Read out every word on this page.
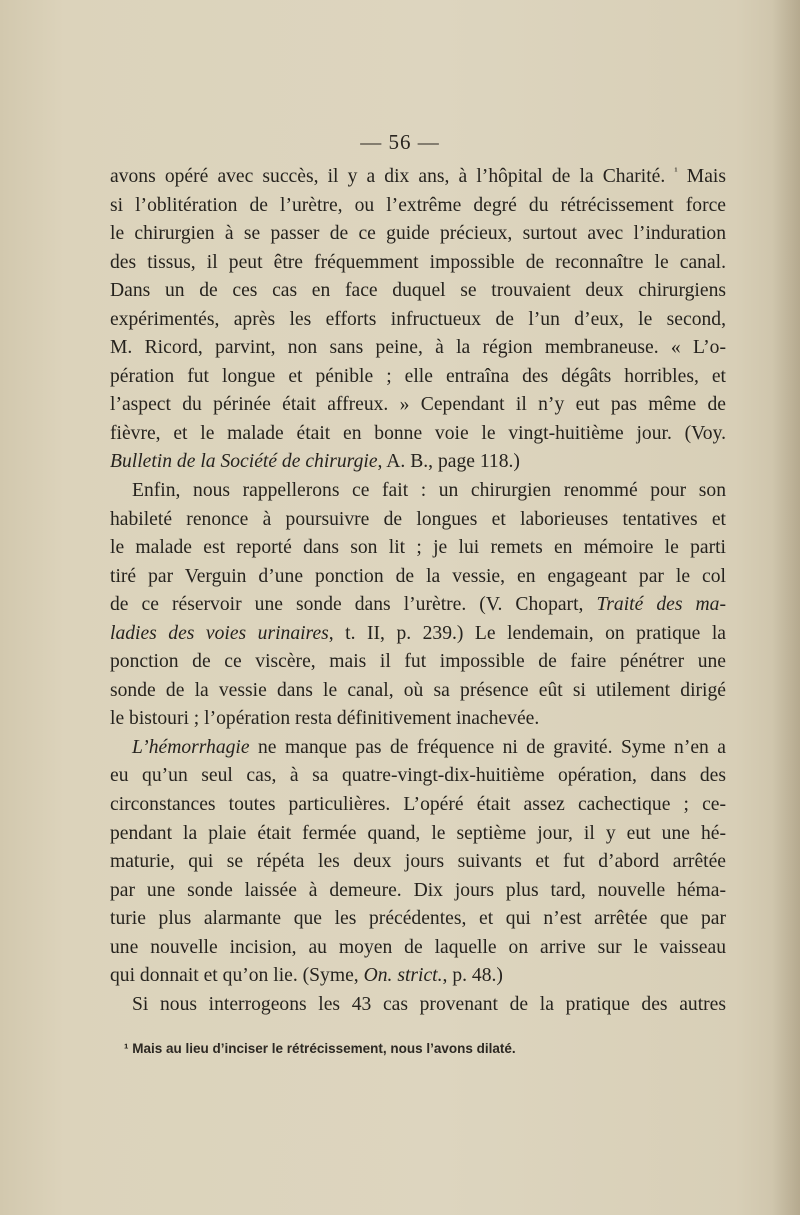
— 56 —
avons opéré avec succès, il y a dix ans, à l’hôpital de la Charité. $^{^1}$ Mais
si l’oblitération de l’urètre, ou l’extrême degré du rétrécissement force
le chirurgien à se passer de ce guide précieux, surtout avec l’induration
des tissus, il peut être fréquemment impossible de reconnaître le canal.
Dans un de ces cas en face duquel se trouvaient deux chirurgiens
expérimentés, après les efforts infructueux de l’un d’eux, le second,
M. Ricord, parvint, non sans peine, à la région membraneuse. « L’o-
pération fut longue et pénible ; elle entraîna des dégâts horribles, et
l’aspect du périnée était affreux. » Cependant il n’y eut pas même de
fièvre, et le malade était en bonne voie le vingt-huitième jour. (Voy.
Bulletin de la Société de chirurgie, A. B., page 118.)
Enfin, nous rappellerons ce fait : un chirurgien renommé pour son
habileté renonce à poursuivre de longues et laborieuses tentatives et
le malade est reporté dans son lit ; je lui remets en mémoire le parti
tiré par Verguin d’une ponction de la vessie, en engageant par le col
de ce réservoir une sonde dans l’urètre. (V. Chopart, Traité des ma-
ladies des voies urinaires, t. II, p. 239.) Le lendemain, on pratique la
ponction de ce viscère, mais il fut impossible de faire pénétrer une
sonde de la vessie dans le canal, où sa présence eût si utilement dirigé
le bistouri ; l’opération resta définitivement inachevée.
L’hémorrhagie ne manque pas de fréquence ni de gravité. Syme n’en a
eu qu’un seul cas, à sa quatre-vingt-dix-huitième opération, dans des
circonstances toutes particulières. L’opéré était assez cachectique ; ce-
pendant la plaie était fermée quand, le septième jour, il y eut une hé-
maturie, qui se répéta les deux jours suivants et fut d’abord arrêtée
par une sonde laissée à demeure. Dix jours plus tard, nouvelle héma-
turie plus alarmante que les précédentes, et qui n’est arrêtée que par
une nouvelle incision, au moyen de laquelle on arrive sur le vaisseau
qui donnait et qu’on lie. (Syme, On. strict., p. 48.)
Si nous interrogeons les 43 cas provenant de la pratique des autres
¹ Mais au lieu d’inciser le rétrécissement, nous l’avons dilaté.
